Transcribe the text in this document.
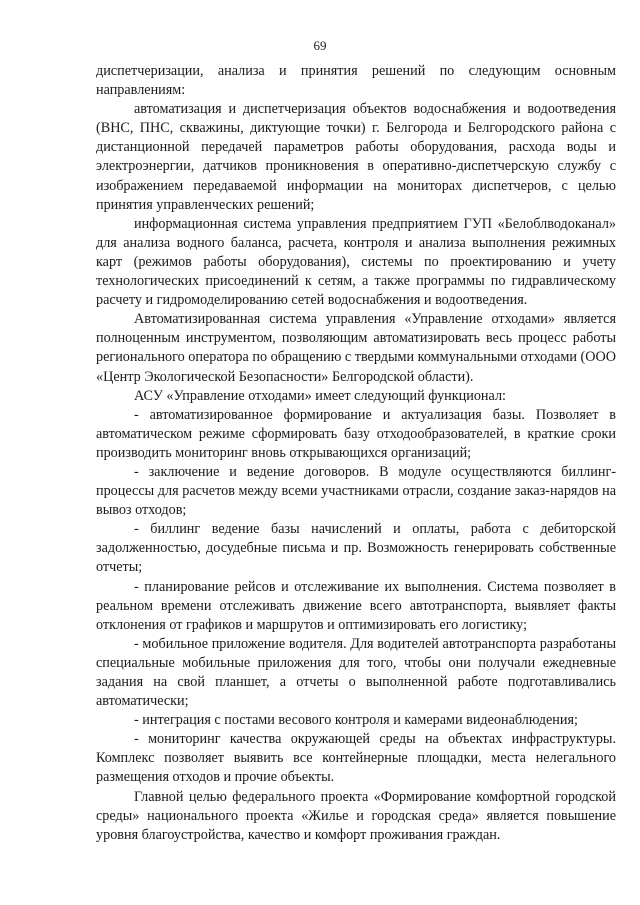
69

диспетчеризации, анализа и принятия решений по следующим основным направлениям:

автоматизация и диспетчеризация объектов водоснабжения и водоотведения (ВНС, ПНС, скважины, диктующие точки) г. Белгорода и Белгородского района с дистанционной передачей параметров работы оборудования, расхода воды и электроэнергии, датчиков проникновения в оперативно-диспетчерскую службу с изображением передаваемой информации на мониторах диспетчеров, с целью принятия управленческих решений;

информационная система управления предприятием ГУП «Белоблводоканал» для анализа водного баланса, расчета, контроля и анализа выполнения режимных карт (режимов работы оборудования), системы по проектированию и учету технологических присоединений к сетям, а также программы по гидравлическому расчету и гидромоделированию сетей водоснабжения и водоотведения.

Автоматизированная система управления «Управление отходами» является полноценным инструментом, позволяющим автоматизировать весь процесс работы регионального оператора по обращению с твердыми коммунальными отходами (ООО «Центр Экологической Безопасности» Белгородской области).

АСУ «Управление отходами» имеет следующий функционал:

- автоматизированное формирование и актуализация базы. Позволяет в автоматическом режиме сформировать базу отходообразователей, в краткие сроки производить мониторинг вновь открывающихся организаций;

- заключение и ведение договоров. В модуле осуществляются биллинг-процессы для расчетов между всеми участниками отрасли, создание заказ-нарядов на вывоз отходов;

- биллинг ведение базы начислений и оплаты, работа с дебиторской задолженностью, досудебные письма и пр. Возможность генерировать собственные отчеты;

- планирование рейсов и отслеживание их выполнения. Система позволяет в реальном времени отслеживать движение всего автотранспорта, выявляет факты отклонения от графиков и маршрутов и оптимизировать его логистику;

- мобильное приложение водителя. Для водителей автотранспорта разработаны специальные мобильные приложения для того, чтобы они получали ежедневные задания на свой планшет, а отчеты о выполненной работе подготавливались автоматически;

- интеграция с постами весового контроля и камерами видеонаблюдения;

- мониторинг качества окружающей среды на объектах инфраструктуры. Комплекс позволяет выявить все контейнерные площадки, места нелегального размещения отходов и прочие объекты.

Главной целью федерального проекта «Формирование комфортной городской среды» национального проекта «Жилье и городская среда» является повышение уровня благоустройства, качество и комфорт проживания граждан.
